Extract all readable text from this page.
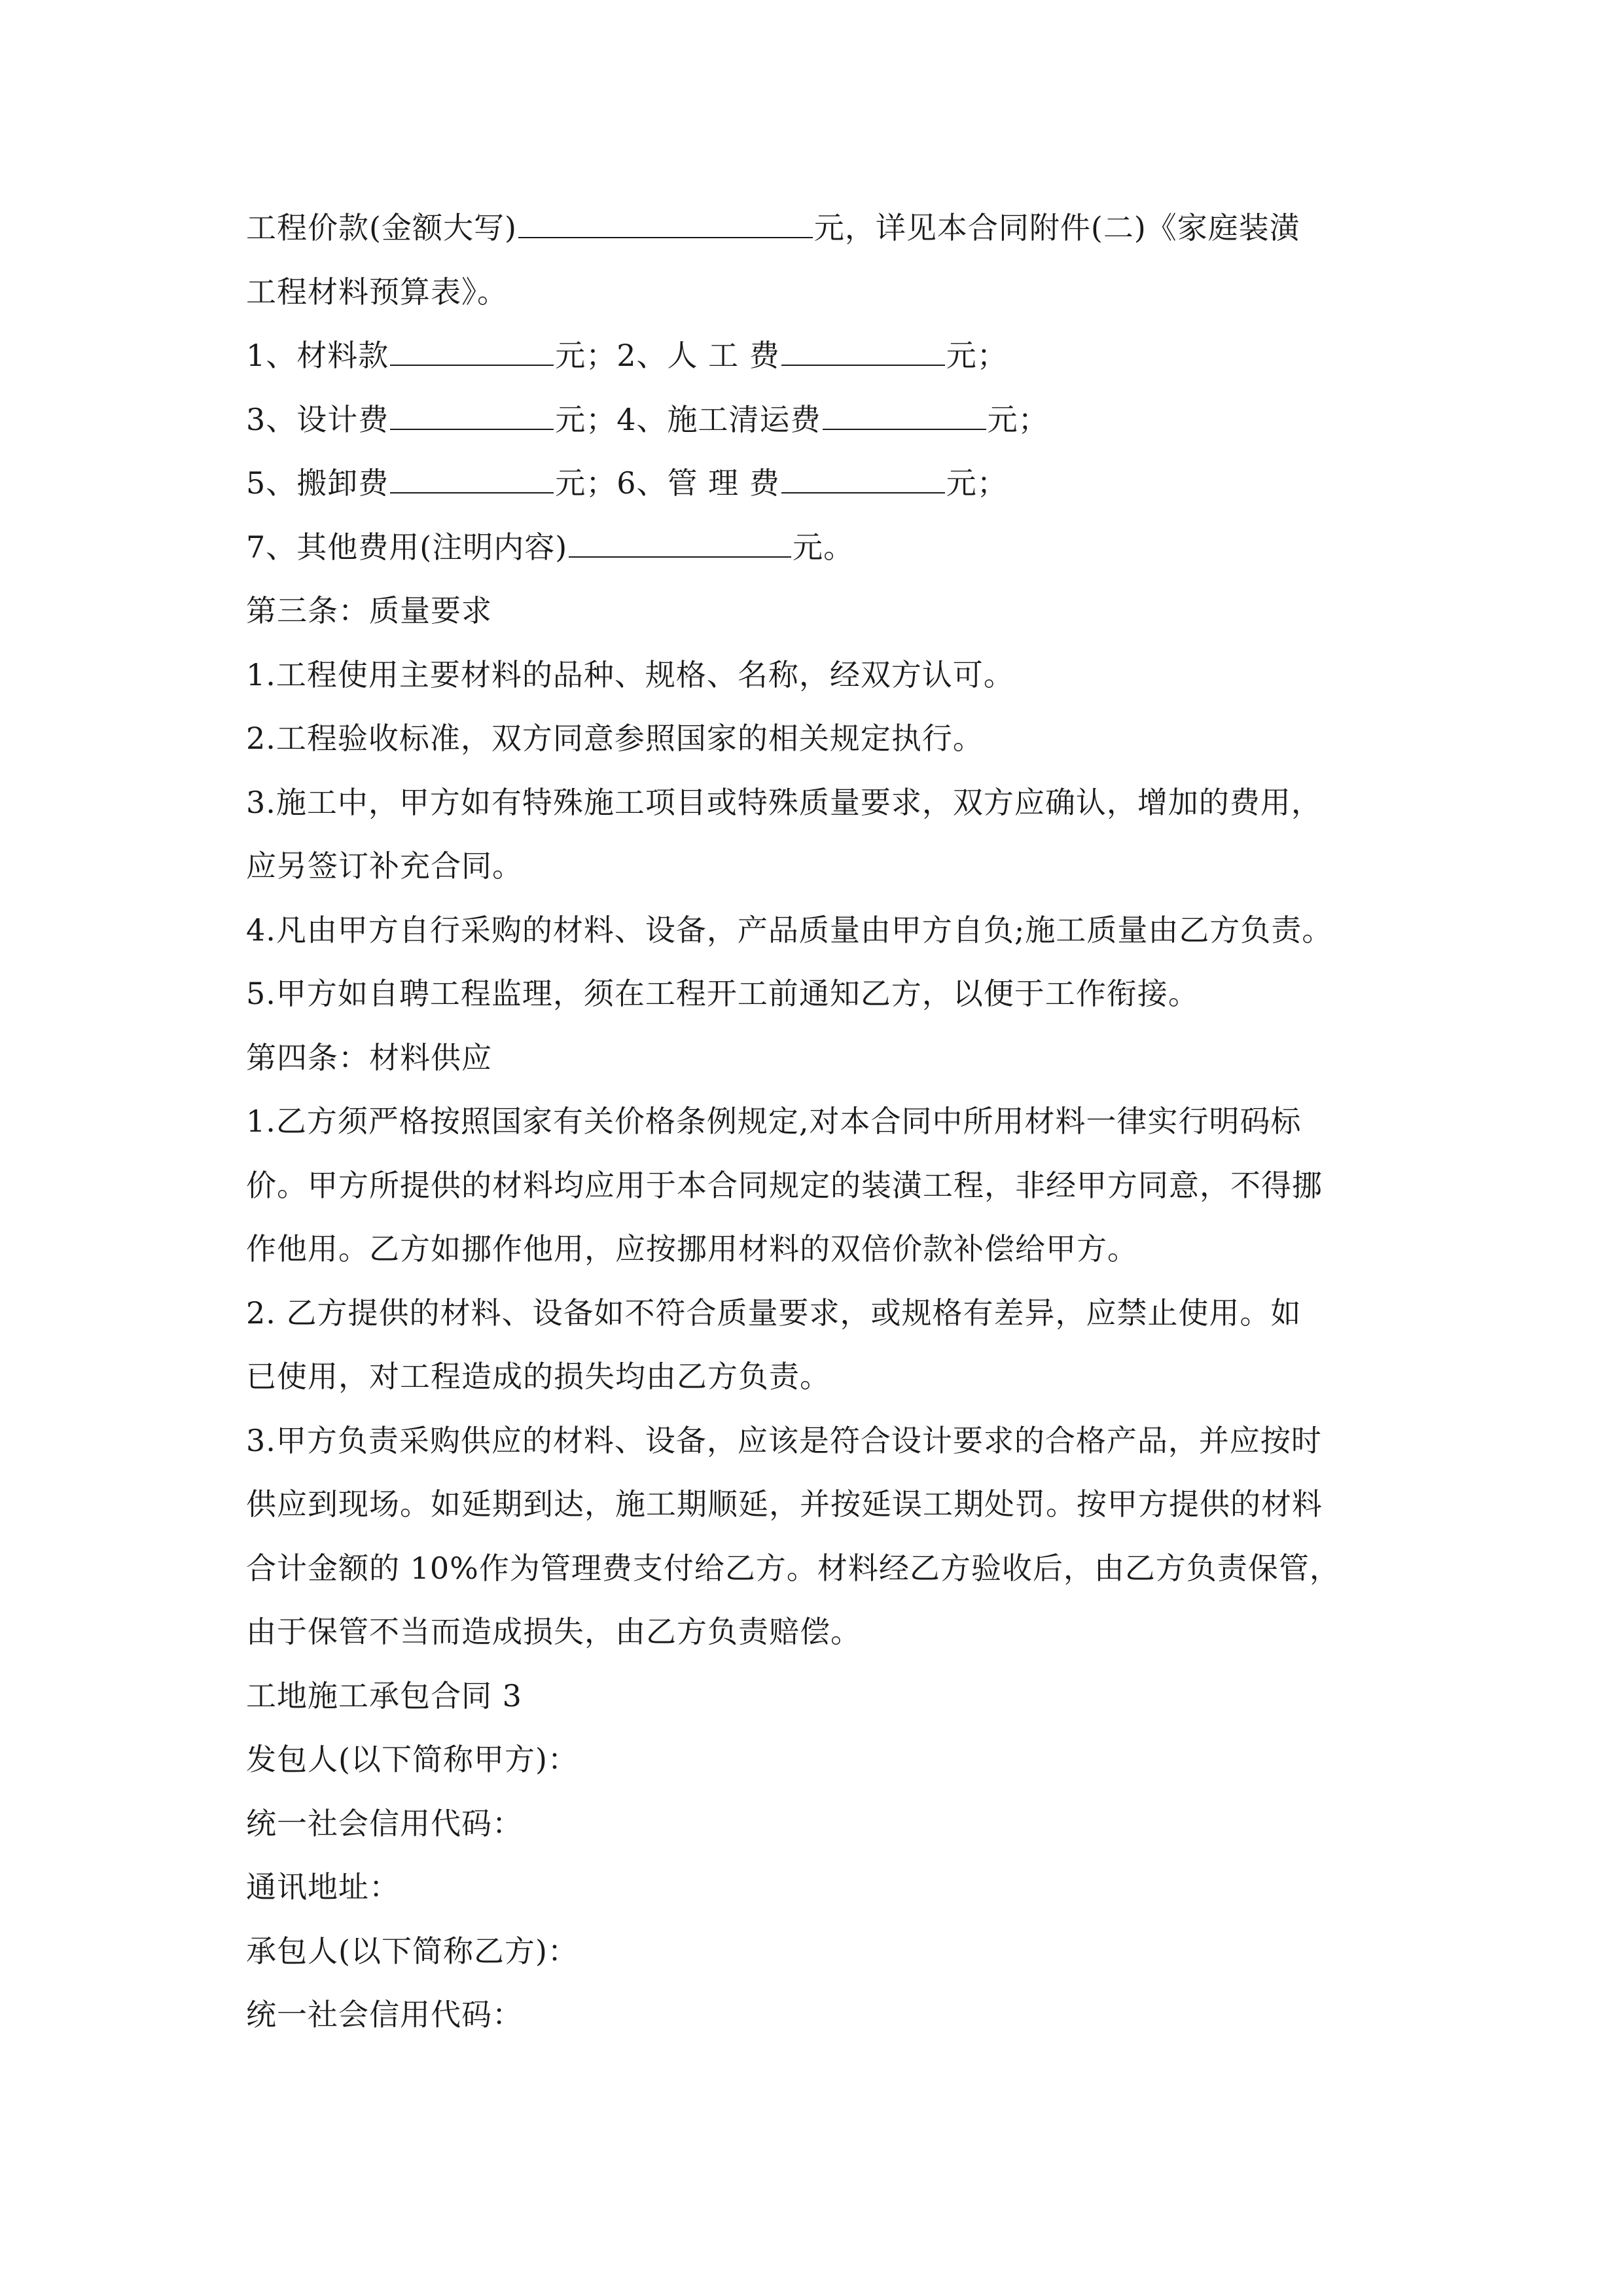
工程价款(金额大写)	元，详见本合同附件(二)《家庭装潢
工程材料预算表》。
1、材料款	元；2、人 工 费	元；
3、设计费	元；4、施工清运费	元；
5、搬卸费	元；6、管 理 费	元；
7、其他费用(注明内容)	元。
第三条：质量要求
1.工程使用主要材料的品种、规格、名称，经双方认可。
2.工程验收标准，双方同意参照国家的相关规定执行。
3.施工中，甲方如有特殊施工项目或特殊质量要求，双方应确认，增加的费用，
应另签订补充合同。
4.凡由甲方自行采购的材料、设备，产品质量由甲方自负;施工质量由乙方负责。
5.甲方如自聘工程监理，须在工程开工前通知乙方，以便于工作衔接。
第四条：材料供应
1.乙方须严格按照国家有关价格条例规定,对本合同中所用材料一律实行明码标
价。甲方所提供的材料均应用于本合同规定的装潢工程，非经甲方同意，不得挪
作他用。乙方如挪作他用，应按挪用材料的双倍价款补偿给甲方。
2. 乙方提供的材料、设备如不符合质量要求，或规格有差异，应禁止使用。如
已使用，对工程造成的损失均由乙方负责。
3.甲方负责采购供应的材料、设备，应该是符合设计要求的合格产品，并应按时
供应到现场。如延期到达，施工期顺延，并按延误工期处罚。按甲方提供的材料
合计金额的 10%作为管理费支付给乙方。材料经乙方验收后，由乙方负责保管，
由于保管不当而造成损失，由乙方负责赔偿。
工地施工承包合同 3
发包人(以下简称甲方)：
统一社会信用代码：
通讯地址：
承包人(以下简称乙方)：
统一社会信用代码：
